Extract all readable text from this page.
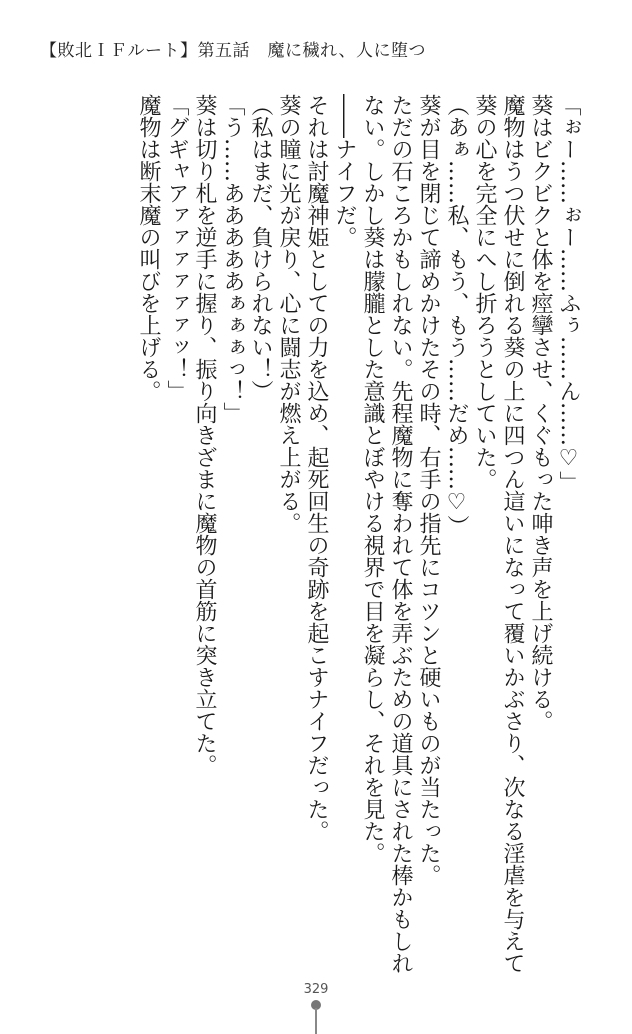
【敗北ＩＦルート】第五話　魔に穢れ、人に堕つ

「ぉー……ぉー……ふぅ……ん……♡」

葵はビクビクと体を痙攣させ、くぐもった呻き声を上げ続ける。

魔物はうつ伏せに倒れる葵の上に四つん這いになって覆いかぶさり、次なる淫虐を与えて葵の心を完全にへし折ろうとしていた。

（あぁ……私、もう、もう……だめ……♡）

葵が目を閉じて諦めかけたその時、右手の指先にコツンと硬いものが当たった。

ただの石ころかもしれない。先程魔物に奪われて体を弄ぶための道具にされた棒かもしれない。しかし葵は朦朧とした意識とぼやける視界で目を凝らし、それを見た。

――ナイフだ。

それは討魔神姫としての力を込め、起死回生の奇跡を起こすナイフだった。

葵の瞳に光が戻り、心に闘志が燃え上がる。

（私はまだ、負けられない！）

「う……あああああぁぁぁっ！」

葵は切り札を逆手に握り、振り向きざまに魔物の首筋に突き立てた。

「グギャアァァァァァァッ！」

魔物は断末魔の叫びを上げる。

329
